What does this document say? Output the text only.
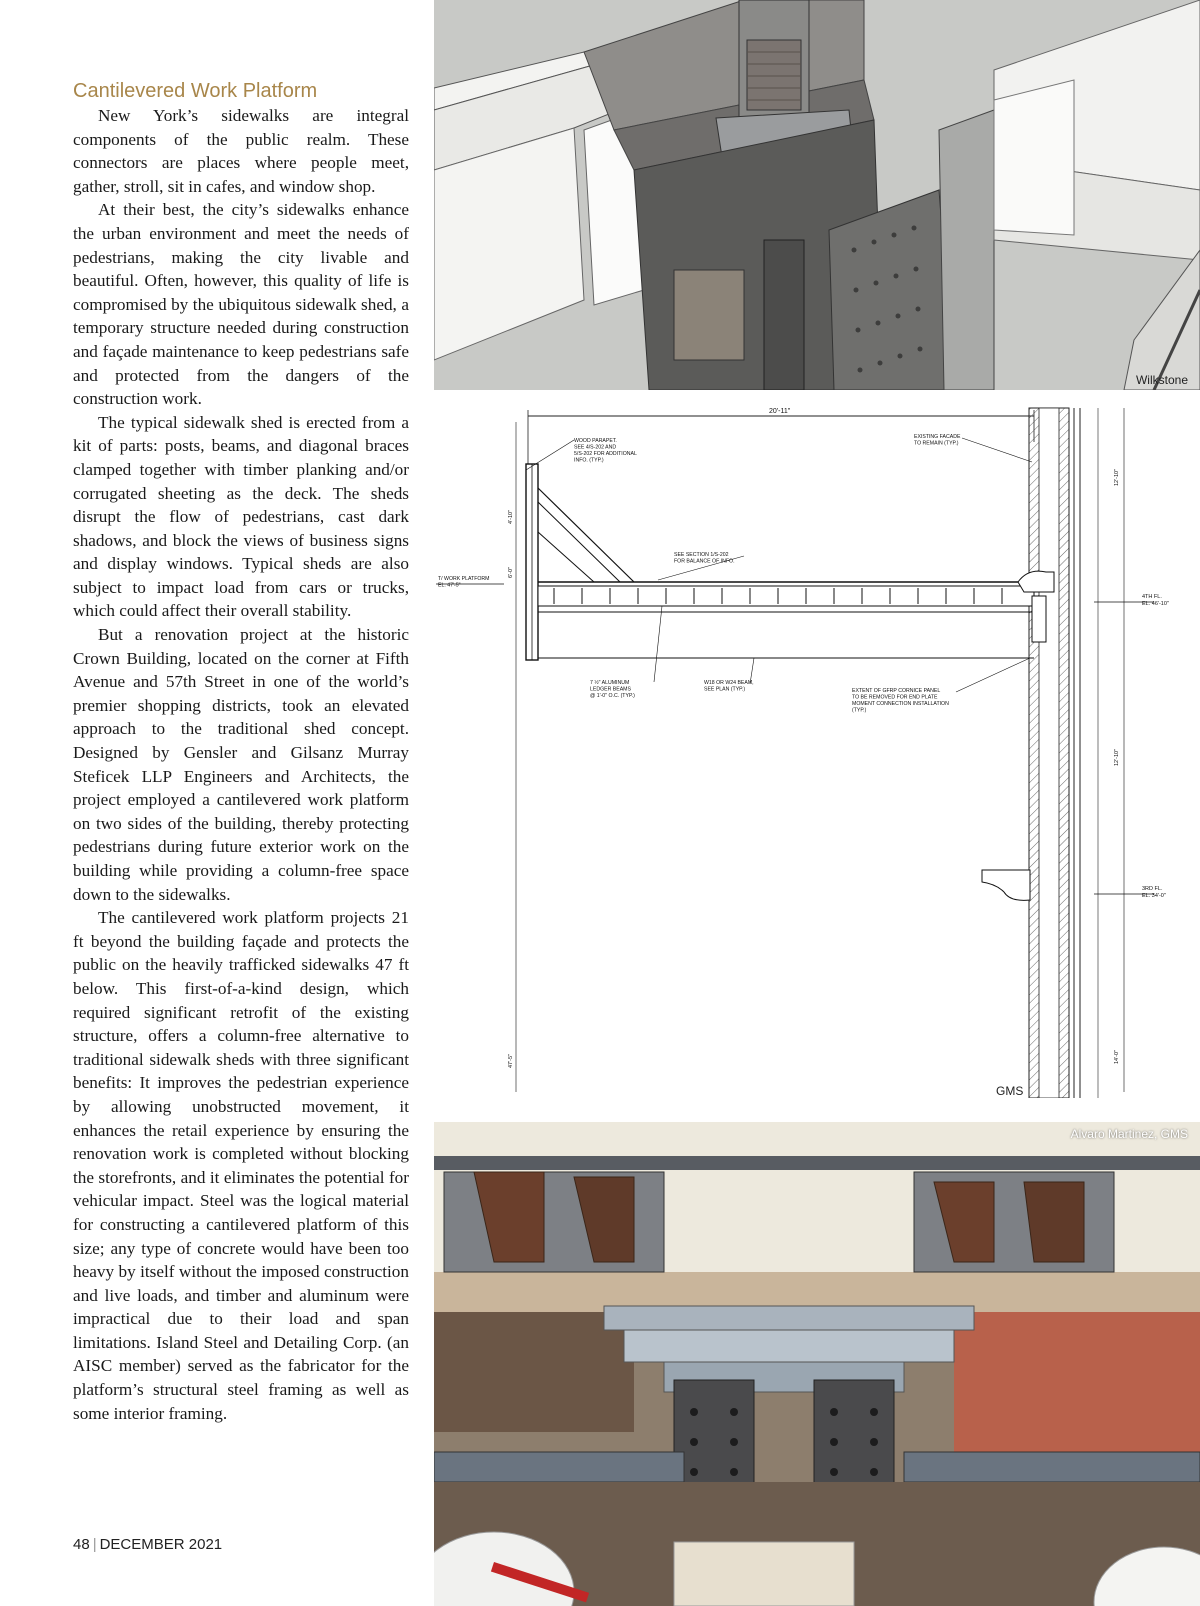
Cantilevered Work Platform

New York’s sidewalks are integral components of the public realm. These connectors are places where people meet, gather, stroll, sit in cafes, and window shop.

At their best, the city’s sidewalks enhance the urban environment and meet the needs of pedestrians, making the city livable and beautiful. Often, however, this quality of life is compromised by the ubiquitous sidewalk shed, a temporary structure needed during construction and façade maintenance to keep pedestrians safe and protected from the dangers of the construction work.

The typical sidewalk shed is erected from a kit of parts: posts, beams, and diagonal braces clamped together with timber planking and/or corrugated sheeting as the deck. The sheds disrupt the flow of pedestrians, cast dark shadows, and block the views of business signs and display windows. Typical sheds are also subject to impact load from cars or trucks, which could affect their overall stability.

But a renovation project at the historic Crown Building, located on the corner at Fifth Avenue and 57th Street in one of the world’s premier shopping districts, took an elevated approach to the traditional shed concept. Designed by Gensler and Gilsanz Murray Steficek LLP Engineers and Architects, the project employed a cantilevered work platform on two sides of the building, thereby protecting pedestrians during future exterior work on the building while providing a column-free space down to the sidewalks.

The cantilevered work platform projects 21 ft beyond the building façade and protects the public on the heavily trafficked sidewalks 47 ft below. This first-of-a-kind design, which required significant retrofit of the existing structure, offers a column-free alternative to traditional sidewalk sheds with three significant benefits: It improves the pedestrian experience by allowing unobstructed movement, it enhances the retail experience by ensuring the renovation work is completed without blocking the storefronts, and it eliminates the potential for vehicular impact. Steel was the logical material for constructing a cantilevered platform of this size; any type of concrete would have been too heavy by itself without the imposed construction and live loads, and timber and aluminum were impractical due to their load and span limitations. Island Steel and Detailing Corp. (an AISC member) served as the fabricator for the platform’s structural steel framing as well as some interior framing.

48 | DECEMBER 2021
Wilkstone
20'-11"
4TH FL. EL. 46'-10"
3RD FL. EL. 34'-0"
12'-10"
12'-10"
14'-0"
4'-10"
6'-0"
47'-5"
WOOD PARAPET. SEE 4/S-202 AND 5/S-202 FOR ADDITIONAL INFO. (TYP.)
EXISTING FACADE TO REMAIN (TYP.)
SEE SECTION 1/S-202 FOR BALANCE OF INFO.
T/ WORK PLATFORM EL. 47'-5"
7 ½" ALUMINUM LEDGER BEAMS @ 1'-0" O.C. (TYP.)
W18 OR W24 BEAM, SEE PLAN (TYP.)	EXTENT OF GFRP CORNICE PANEL TO BE REMOVED FOR END PLATE MOMENT CONNECTION INSTALLATION (TYP.)
GMS
Alvaro Martinez, GMS
